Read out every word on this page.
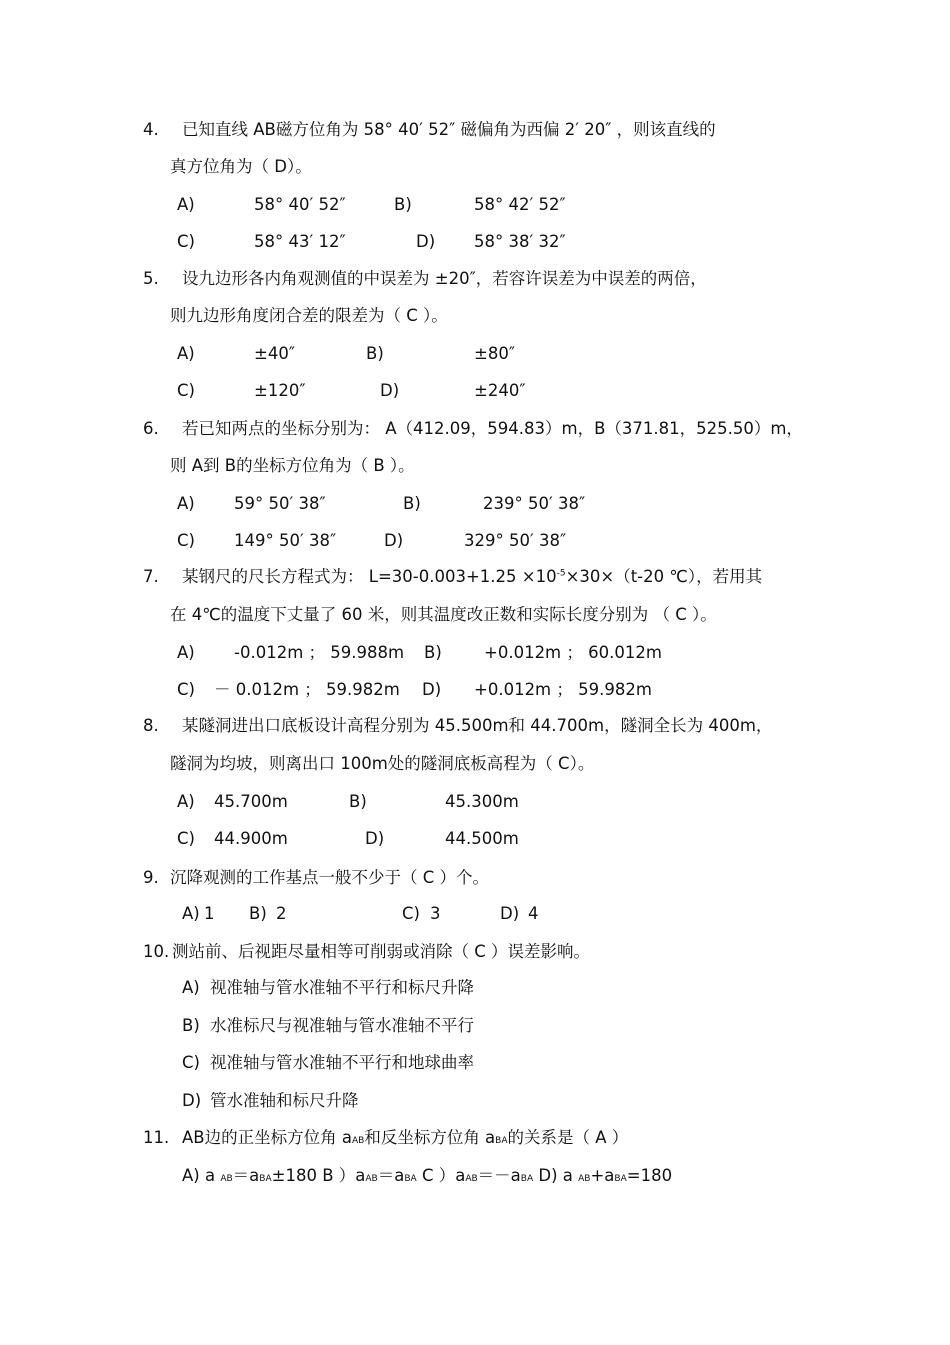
4. 已知直线 AB磁方位角为 58° 40′ 52″ 磁偏角为西偏 2′ 20″ ，则该直线的
真方位角为（ D）。
A)	58° 40′ 52″	B)	58° 42′ 52″
C)	58° 43′ 12″	D) 58° 38′ 32″
5. 设九边形各内角观测值的中误差为 ±20″，若容许误差为中误差的两倍，
则九边形角度闭合差的限差为（ C ）。
A)	±40″	B)	±80″
C)	±120″	D)	±240″
6. 若已知两点的坐标分别为： A（412.09，594.83）m，B（371.81，525.50）m，
则 A到 B的坐标方位角为（ B ）。
A) 59° 50′ 38″	B)	239° 50′ 38″
C) 149° 50′ 38″	D)	329° 50′ 38″
7. 某钢尺的尺长方程式为： $L=30-0.003+1.25 \times 10^{-5}\times 30\times(t-20$ ℃），若用其
在 4℃的温度下丈量了 60 米，则其温度改正数和实际长度分别为 （ C ）。
A) -0.012m ； 59.988m B)	+0.012m ； 60.012m
C) － 0.012m ； 59.982m D) +0.012m ； 59.982m
8. 某隧洞进出口底板设计高程分别为 45.500m和 44.700m，隧洞全长为 400m，
隧洞为均坡，则离出口 100m处的隧洞底板高程为（ C）。
A) 45.700m	B)	45.300m
C) 44.900m	D)	44.500m
9. 沉降观测的工作基点一般不少于（ C ）个。
A) 1 B) 2	C) 3	D) 4
10. 测站前、后视距尽量相等可削弱或消除（ C ）误差影响。
A) 视准轴与管水准轴不平行和标尺升降
B) 水准标尺与视准轴与管水准轴不平行
C) 视准轴与管水准轴不平行和地球曲率
D) 管水准轴和标尺升降
11. AB边的正坐标方位角 aAB和反坐标方位角 aBA的关系是（ A ）
A) a AB＝aBA±180 B ）aAB＝aBA C ）aAB＝－aBA D) a AB+aBA=180
